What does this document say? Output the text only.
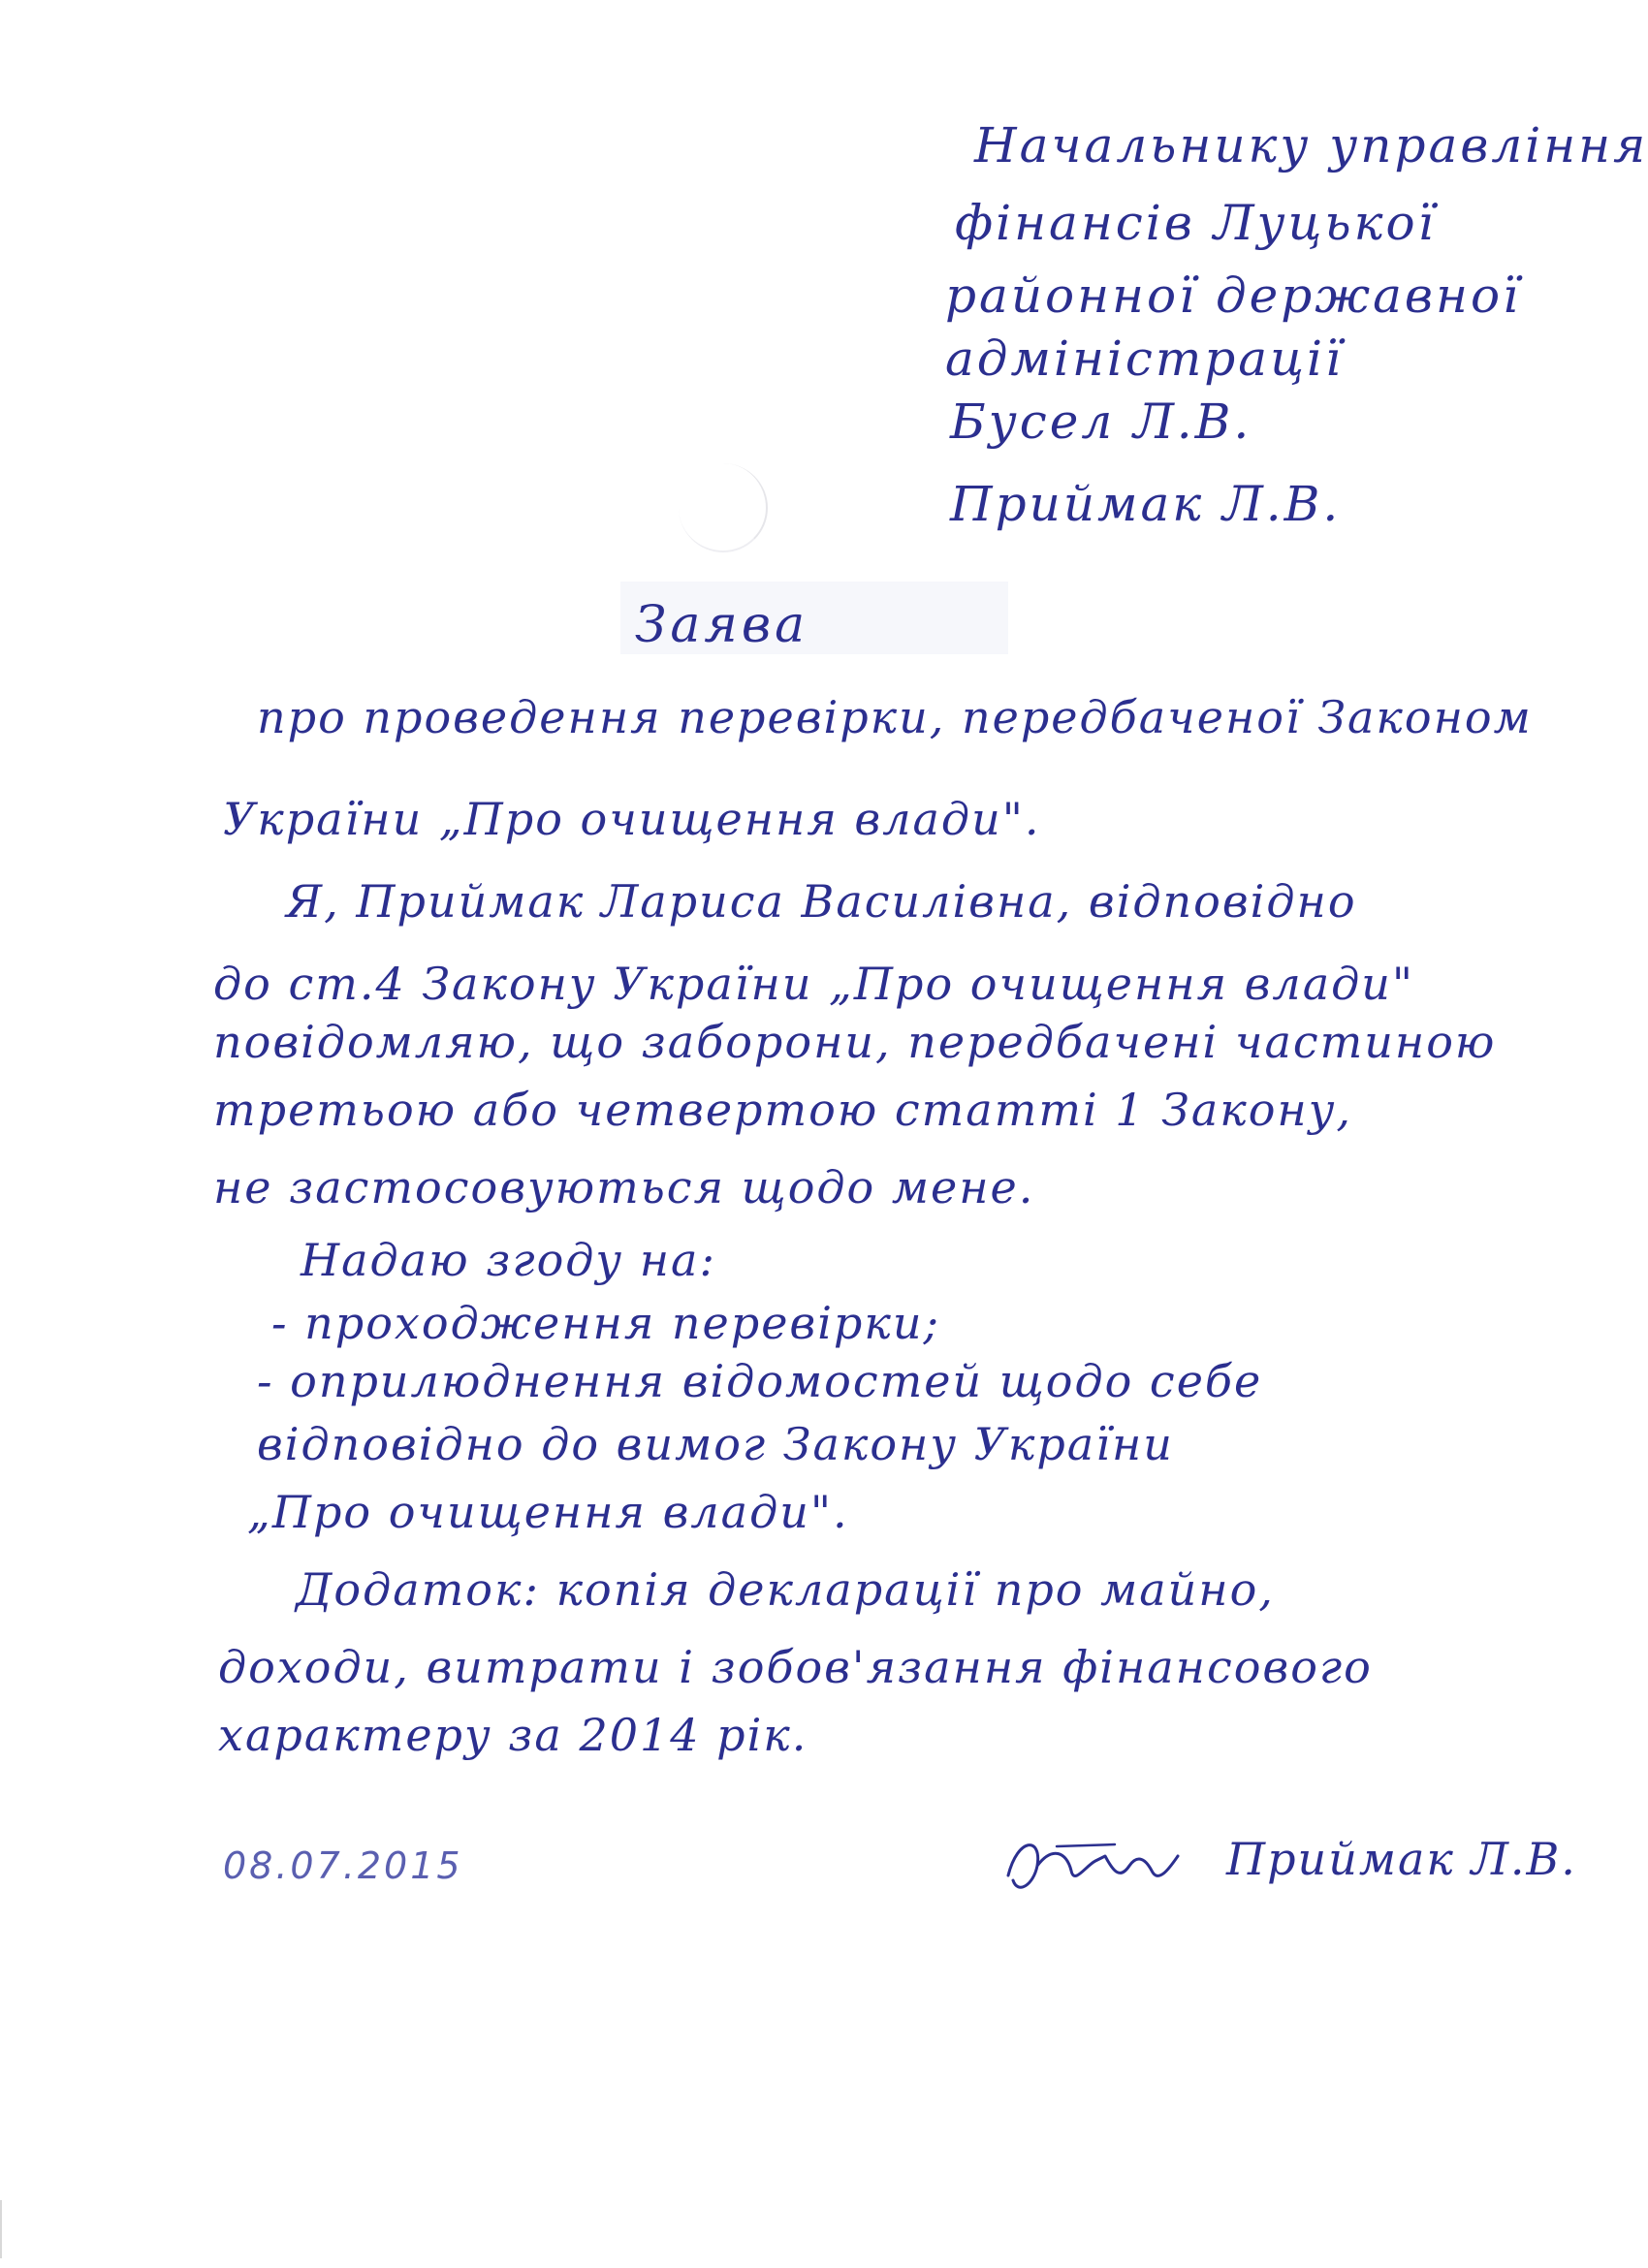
Начальнику управління
фінансів Луцької
районної державної
адміністрації
Бусел Л.В.
Приймак Л.В.
Заява
про проведення перевірки, передбаченої Законом
України „Про очищення влади".
Я, Приймак Лариса Василівна, відповідно
до ст.4 Закону України „Про очищення влади"
повідомляю, що заборони, передбачені частиною
третьою або четвертою статті 1 Закону,
не застосовуються щодо мене.
Надаю згоду на:
- проходження перевірки;
- оприлюднення відомостей щодо себе
відповідно до вимог Закону України
„Про очищення влади".
Додаток: копія декларації про майно,
доходи, витрати і зобов'язання фінансового
характеру за 2014 рік.
08.07.2015	Приймак Л.В.
